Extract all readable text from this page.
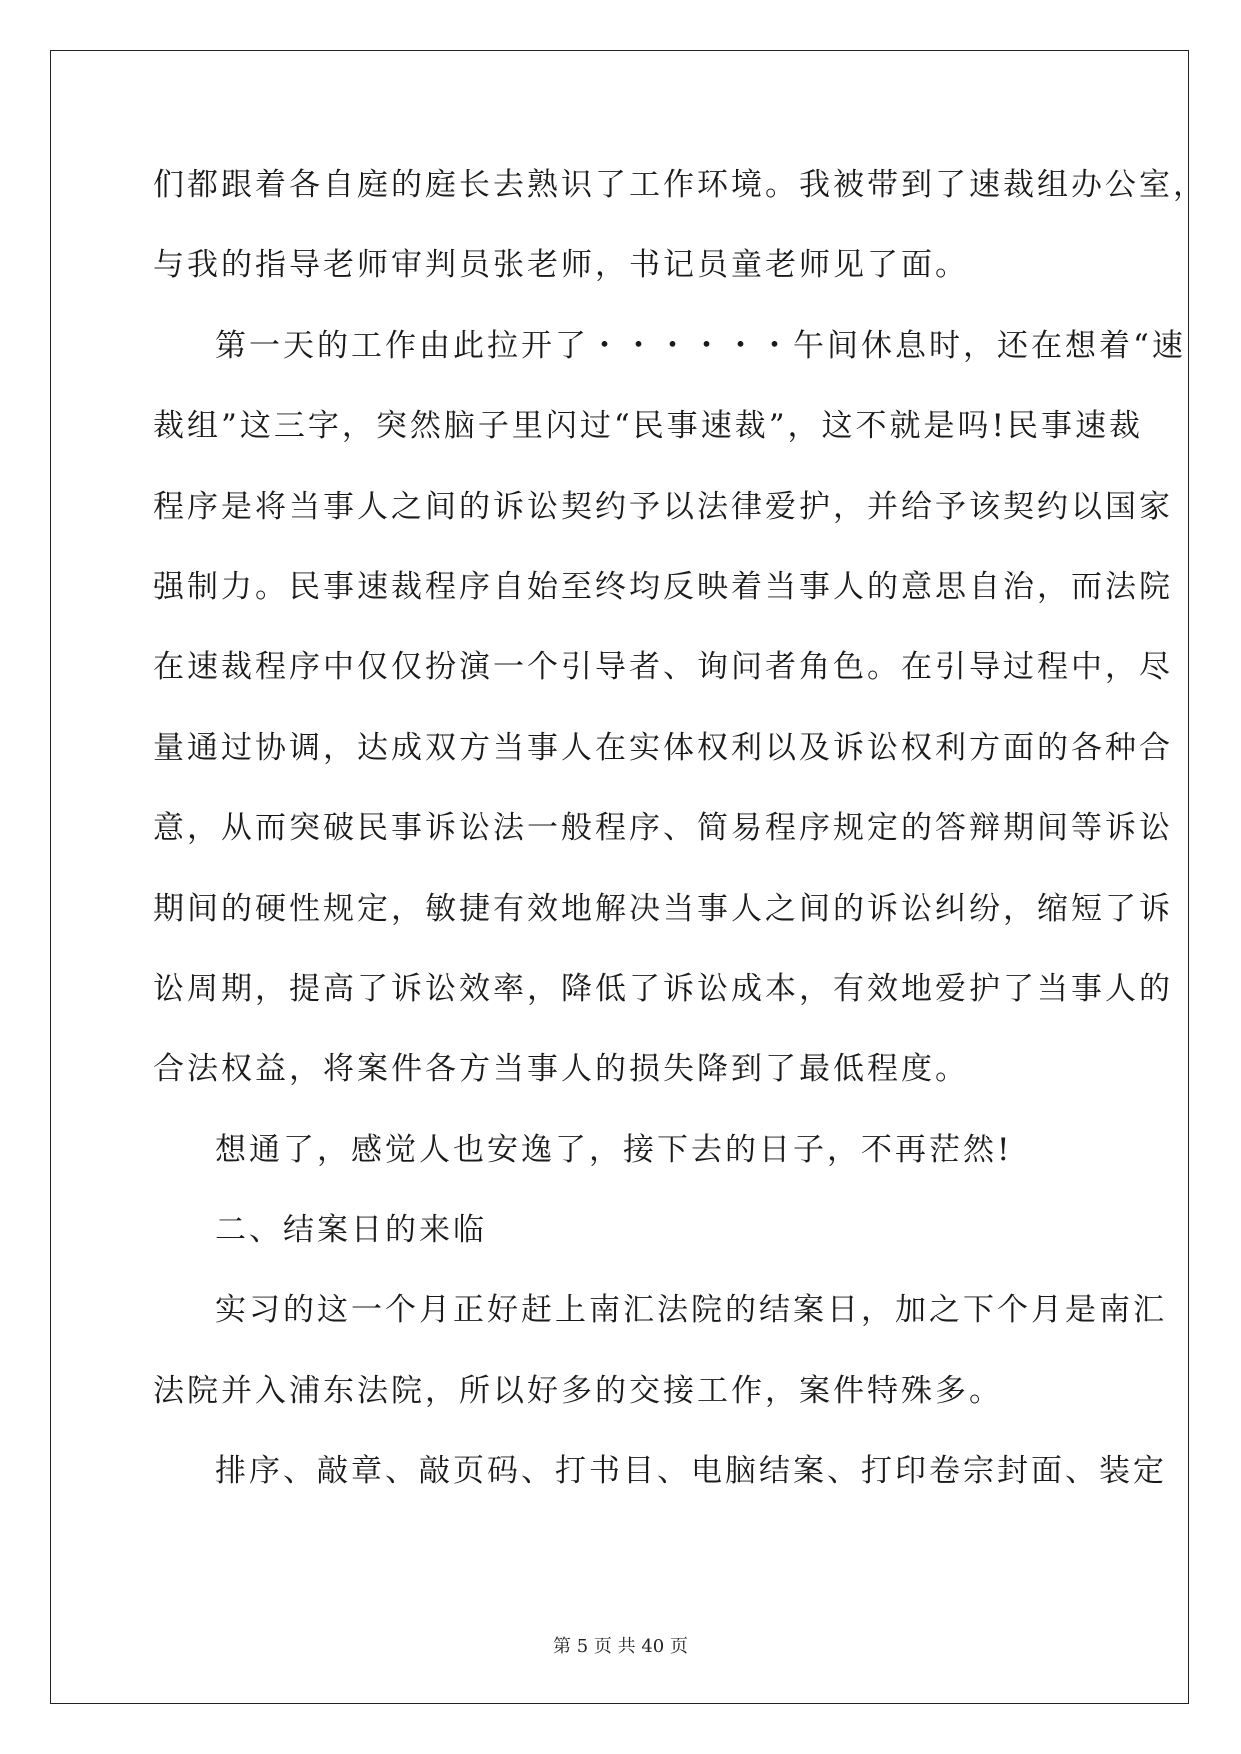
们都跟着各自庭的庭长去熟识了工作环境。我被带到了速裁组办公室，
与我的指导老师审判员张老师，书记员童老师见了面。
第一天的工作由此拉开了・・・・・・午间休息时，还在想着“速
裁组”这三字，突然脑子里闪过“民事速裁”，这不就是吗!民事速裁
程序是将当事人之间的诉讼契约予以法律爱护，并给予该契约以国家
强制力。民事速裁程序自始至终均反映着当事人的意思自治，而法院
在速裁程序中仅仅扮演一个引导者、询问者角色。在引导过程中，尽
量通过协调，达成双方当事人在实体权利以及诉讼权利方面的各种合
意，从而突破民事诉讼法一般程序、简易程序规定的答辩期间等诉讼
期间的硬性规定，敏捷有效地解决当事人之间的诉讼纠纷，缩短了诉
讼周期，提高了诉讼效率，降低了诉讼成本，有效地爱护了当事人的
合法权益，将案件各方当事人的损失降到了最低程度。
想通了，感觉人也安逸了，接下去的日子，不再茫然!
二、结案日的来临
实习的这一个月正好赶上南汇法院的结案日，加之下个月是南汇
法院并入浦东法院，所以好多的交接工作，案件特殊多。
排序、敲章、敲页码、打书目、电脑结案、打印卷宗封面、装定
第 5 页 共 40 页
